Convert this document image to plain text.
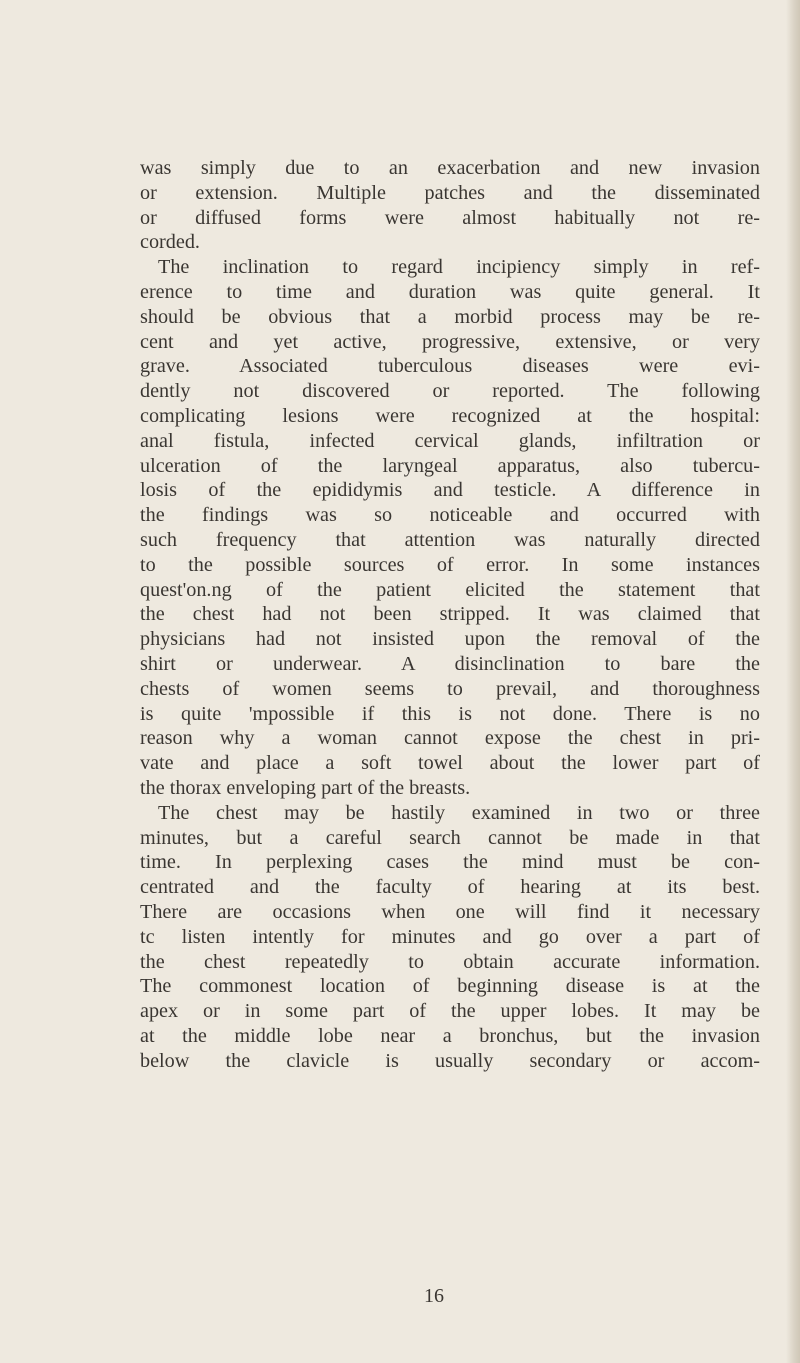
was simply due to an exacerbation and new invasion
or extension. Multiple patches and the disseminated
or diffused forms were almost habitually not re-
corded.
The inclination to regard incipiency simply in ref-
erence to time and duration was quite general. It
should be obvious that a morbid process may be re-
cent and yet active, progressive, extensive, or very
grave. Associated tuberculous diseases were evi-
dently not discovered or reported. The following
complicating lesions were recognized at the hospital:
anal fistula, infected cervical glands, infiltration or
ulceration of the laryngeal apparatus, also tubercu-
losis of the epididymis and testicle. A difference in
the findings was so noticeable and occurred with
such frequency that attention was naturally directed
to the possible sources of error. In some instances
quest'on.ng of the patient elicited the statement that
the chest had not been stripped. It was claimed that
physicians had not insisted upon the removal of the
shirt or underwear. A disinclination to bare the
chests of women seems to prevail, and thoroughness
is quite 'mpossible if this is not done. There is no
reason why a woman cannot expose the chest in pri-
vate and place a soft towel about the lower part of
the thorax enveloping part of the breasts.
The chest may be hastily examined in two or three
minutes, but a careful search cannot be made in that
time. In perplexing cases the mind must be con-
centrated and the faculty of hearing at its best.
There are occasions when one will find it necessary
tc listen intently for minutes and go over a part of
the chest repeatedly to obtain accurate information.
The commonest location of beginning disease is at the
apex or in some part of the upper lobes. It may be
at the middle lobe near a bronchus, but the invasion
below the clavicle is usually secondary or accom-
16
